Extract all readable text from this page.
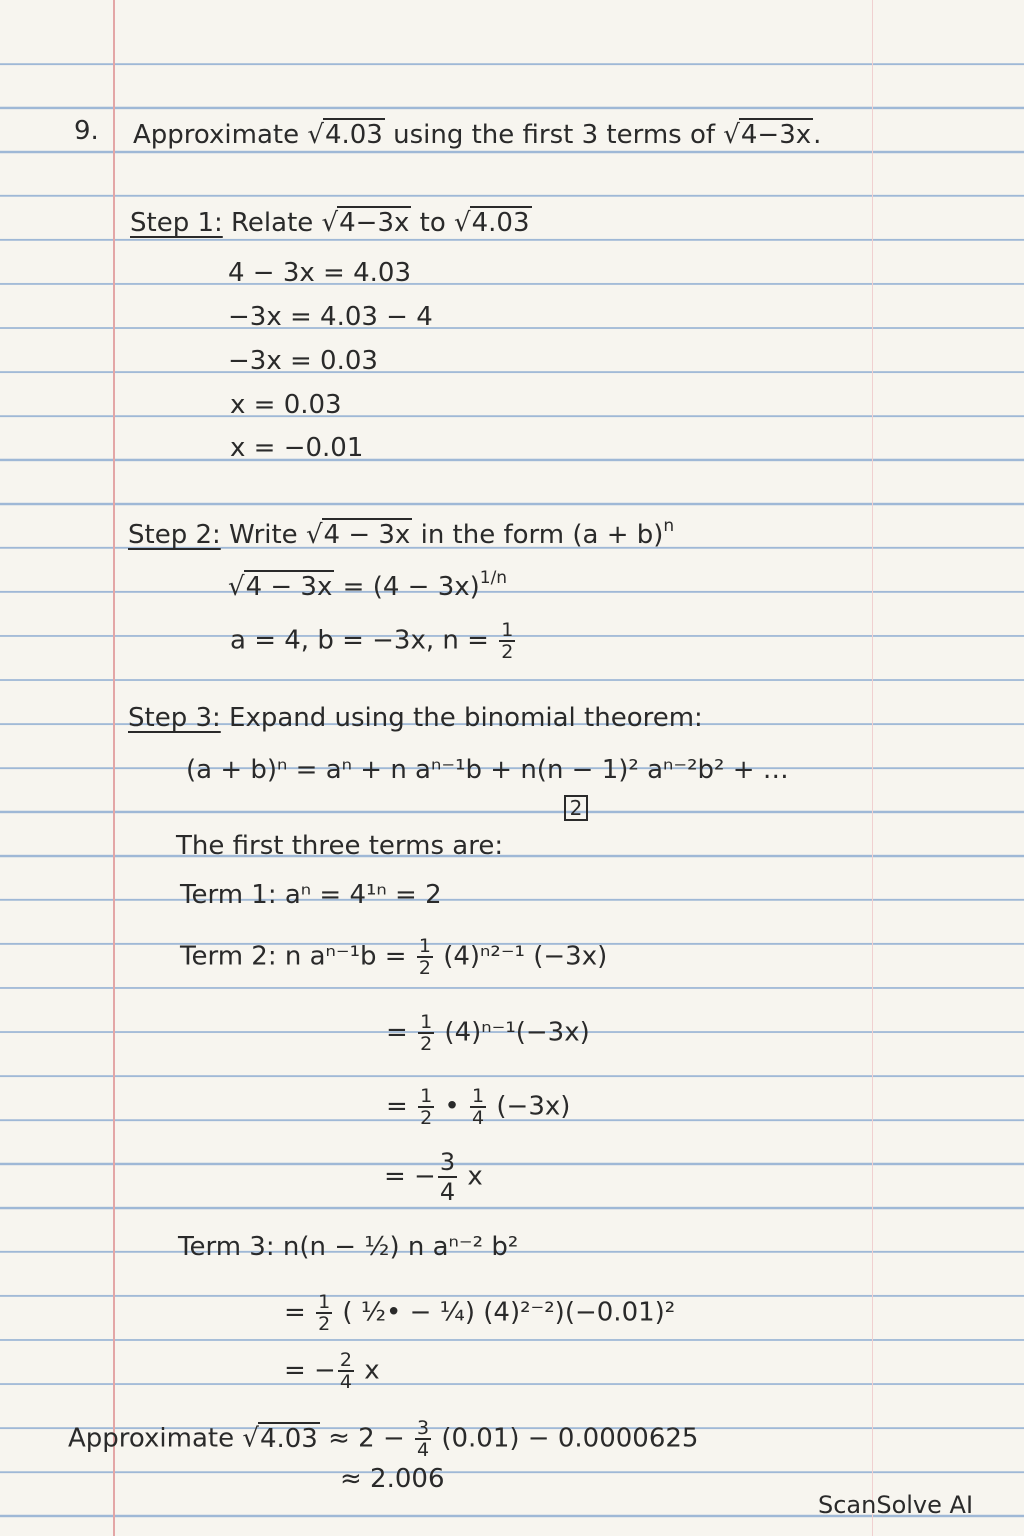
9. Approximate √4.03 using the first 3 terms of √4−3x.
Step 1: Relate √4−3x to √4.03
4 − 3x = 4.03
−3x = 4.03 − 4
−3x = 0.03
x = 0.03
x = −0.01
Step 2: Write √4 − 3x in the form $(a + b)^n$
$√4 - 3x = (4 - 3x)^{1/n}$
a = 4, b = −3x, $n = \frac{1}{2}$
Step 3: Expand using the binomial theorem:
(a + b)ⁿ = aⁿ + n aⁿ⁻¹b + n(n − 1)² aⁿ⁻²b² + …
2
The first three terms are:
Term 1: aⁿ = 4¹ⁿ = 2
Term 2: n $a^{n-1}b = \frac{1}{2} (4)^{n2-1}$ (−3x)
= $\frac{1}{2} (4)^{n-1}(-3x)$
= $\frac{1}{2}$ • $\frac{1}{4} (-3x)$
= − $\frac{3}{4}$ x
Term 3: n(n − ½) n aⁿ⁻² b²
= $\frac{1}{2}$ ( ½• − ¼) (4)²⁻²)(−0.01)²
= − $\frac{2}{4}$ x
Approximate $√4.03 \approx 2 - \frac{3}{4} (0.01) - 0.0000625$
≈ 2.006
ScanSolve AI
